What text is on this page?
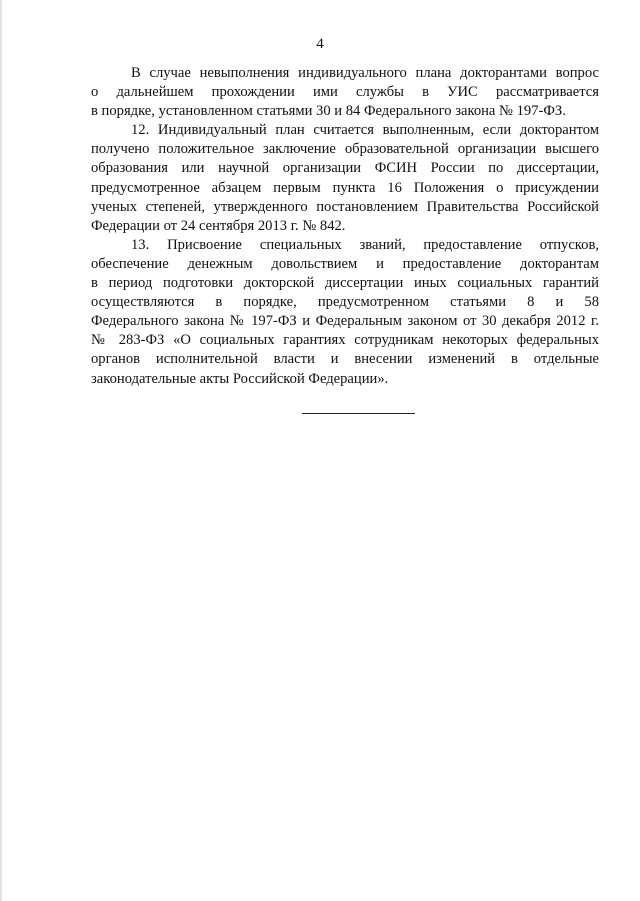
4
В случае невыполнения индивидуального плана докторантами вопрос
о дальнейшем прохождении ими службы в УИС рассматривается
в порядке, установленном статьями 30 и 84 Федерального закона № 197-ФЗ.
12. Индивидуальный план считается выполненным, если докторантом
получено положительное заключение образовательной организации высшего
образования или научной организации ФСИН России по диссертации,
предусмотренное абзацем первым пункта 16 Положения о присуждении
ученых степеней, утвержденного постановлением Правительства Российской
Федерации от 24 сентября 2013 г. № 842.
13. Присвоение специальных званий, предоставление отпусков,
обеспечение денежным довольствием и предоставление докторантам
в период подготовки докторской диссертации иных социальных гарантий
осуществляются в порядке, предусмотренном статьями 8 и 58
Федерального закона № 197-ФЗ и Федеральным законом от 30 декабря 2012 г.
№ 283-ФЗ «О социальных гарантиях сотрудникам некоторых федеральных
органов исполнительной власти и внесении изменений в отдельные
законодательные акты Российской Федерации».
